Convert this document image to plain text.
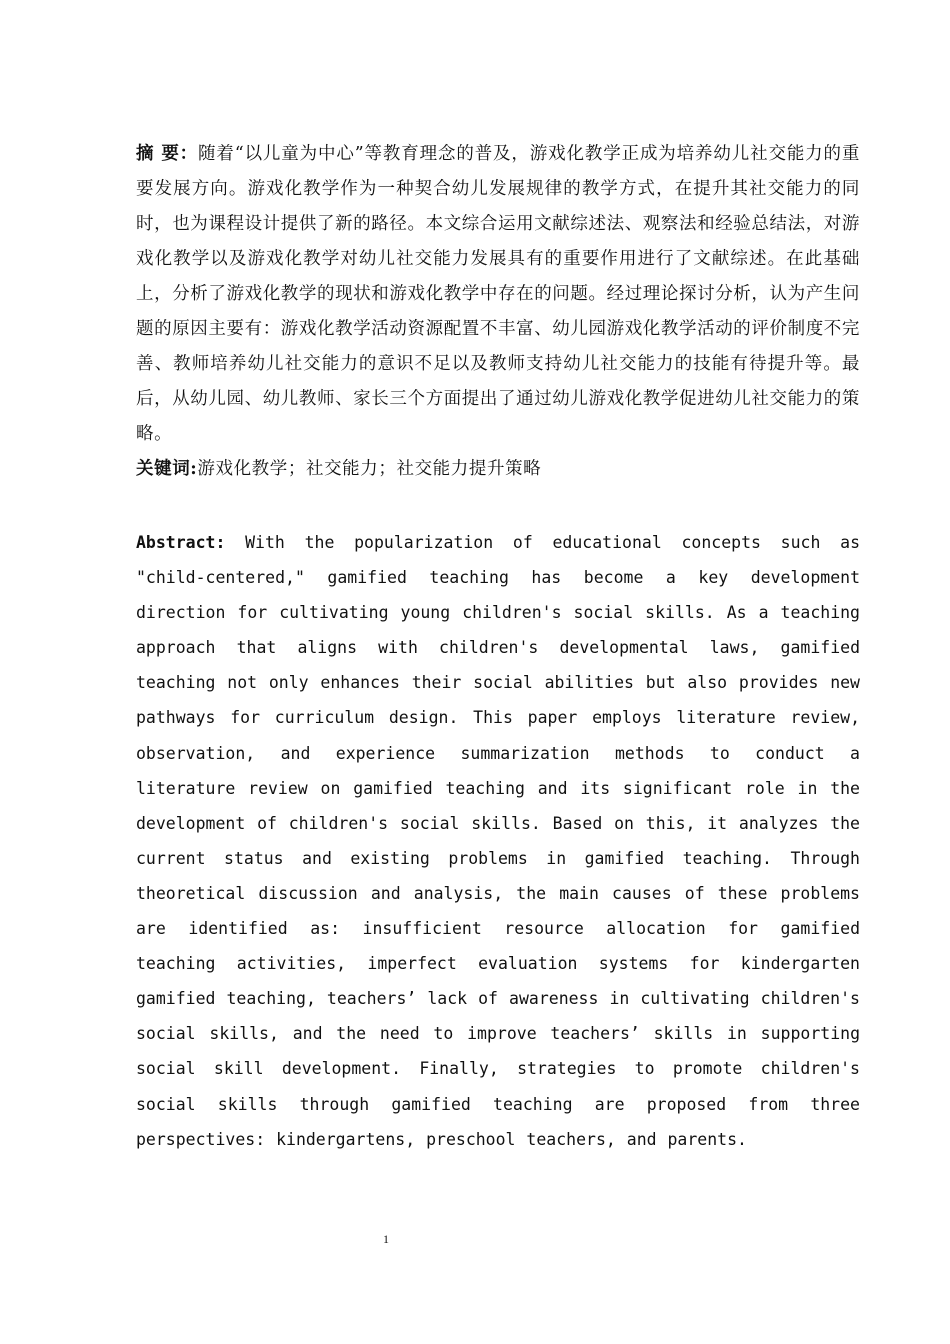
摘 要：随着“以儿童为中心”等教育理念的普及，游戏化教学正成为培养幼儿社交能力的重要发展方向。游戏化教学作为一种契合幼儿发展规律的教学方式，在提升其社交能力的同时，也为课程设计提供了新的路径。本文综合运用文献综述法、观察法和经验总结法，对游戏化教学以及游戏化教学对幼儿社交能力发展具有的重要作用进行了文献综述。在此基础上，分析了游戏化教学的现状和游戏化教学中存在的问题。经过理论探讨分析，认为产生问题的原因主要有：游戏化教学活动资源配置不丰富、幼儿园游戏化教学活动的评价制度不完善、教师培养幼儿社交能力的意识不足以及教师支持幼儿社交能力的技能有待提升等。最后，从幼儿园、幼儿教师、家长三个方面提出了通过幼儿游戏化教学促进幼儿社交能力的策略。

关键词:游戏化教学；社交能力；社交能力提升策略

Abstract: With the popularization of educational concepts such as "child-centered," gamified teaching has become a key development direction for cultivating young children's social skills. As a teaching approach that aligns with children's developmental laws, gamified teaching not only enhances their social abilities but also provides new pathways for curriculum design. This paper employs literature review, observation, and experience summarization methods to conduct a literature review on gamified teaching and its significant role in the development of children's social skills. Based on this, it analyzes the current status and existing problems in gamified teaching. Through theoretical discussion and analysis, the main causes of these problems are identified as: insufficient resource allocation for gamified teaching activities, imperfect evaluation systems for kindergarten gamified teaching, teachers’ lack of awareness in cultivating children's social skills, and the need to improve teachers’ skills in supporting social skill development. Finally, strategies to promote children's social skills through gamified teaching are proposed from three perspectives: kindergartens, preschool teachers, and parents.

1
